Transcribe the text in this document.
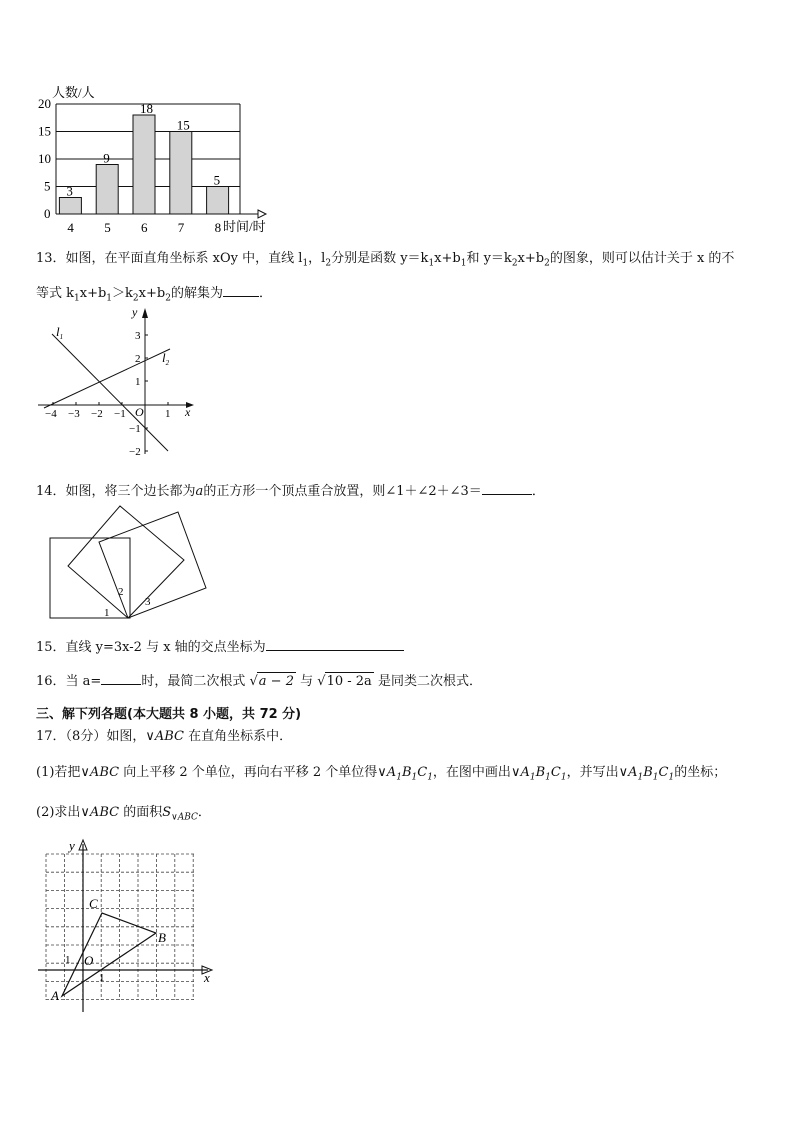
人数/人
3
9
18
15
5
0
5
10
15
20
4 5 6 7 8 时间/时
13．如图，在平面直角坐标系 xOy 中，直线 $l_1$，$l_2$分别是函数 $y=k_1x+b_1$和 $y=k_2x+b_2$的图象，则可以估计关于 x 的不
等式 $k_1x+b_1>k_2x+b_2$的解集为	．
x
y
O
−4 −3 −2 −1	1
3
2
1
−1
−2
$l_1$
$l_2$
14．如图，将三个边长都为a的正方形一个顶点重合放置，则∠1＋∠2＋∠3＝	．
1
2
3
15．直线 y=3x-2 与 x 轴的交点坐标为
16．当 a=	时，最简二次根式 √a − 2 与 √10 - 2a 是同类二次根式．
三、解下列各题(本大题共 8 小题，共 72 分)
17．（8分）如图，∨ABC 在直角坐标系中．
(1)若把∨ABC 向上平移 2 个单位，再向右平移 2 个单位得$\vee A_1B_1C_1$，在图中画出$\vee A_1B_1C_1$，并写出$\vee A_1B_1C_1$的坐标；
(2)求出∨ABC 的面积$S_{\vee ABC}$．
x
y
O
1
1
A
B
C
